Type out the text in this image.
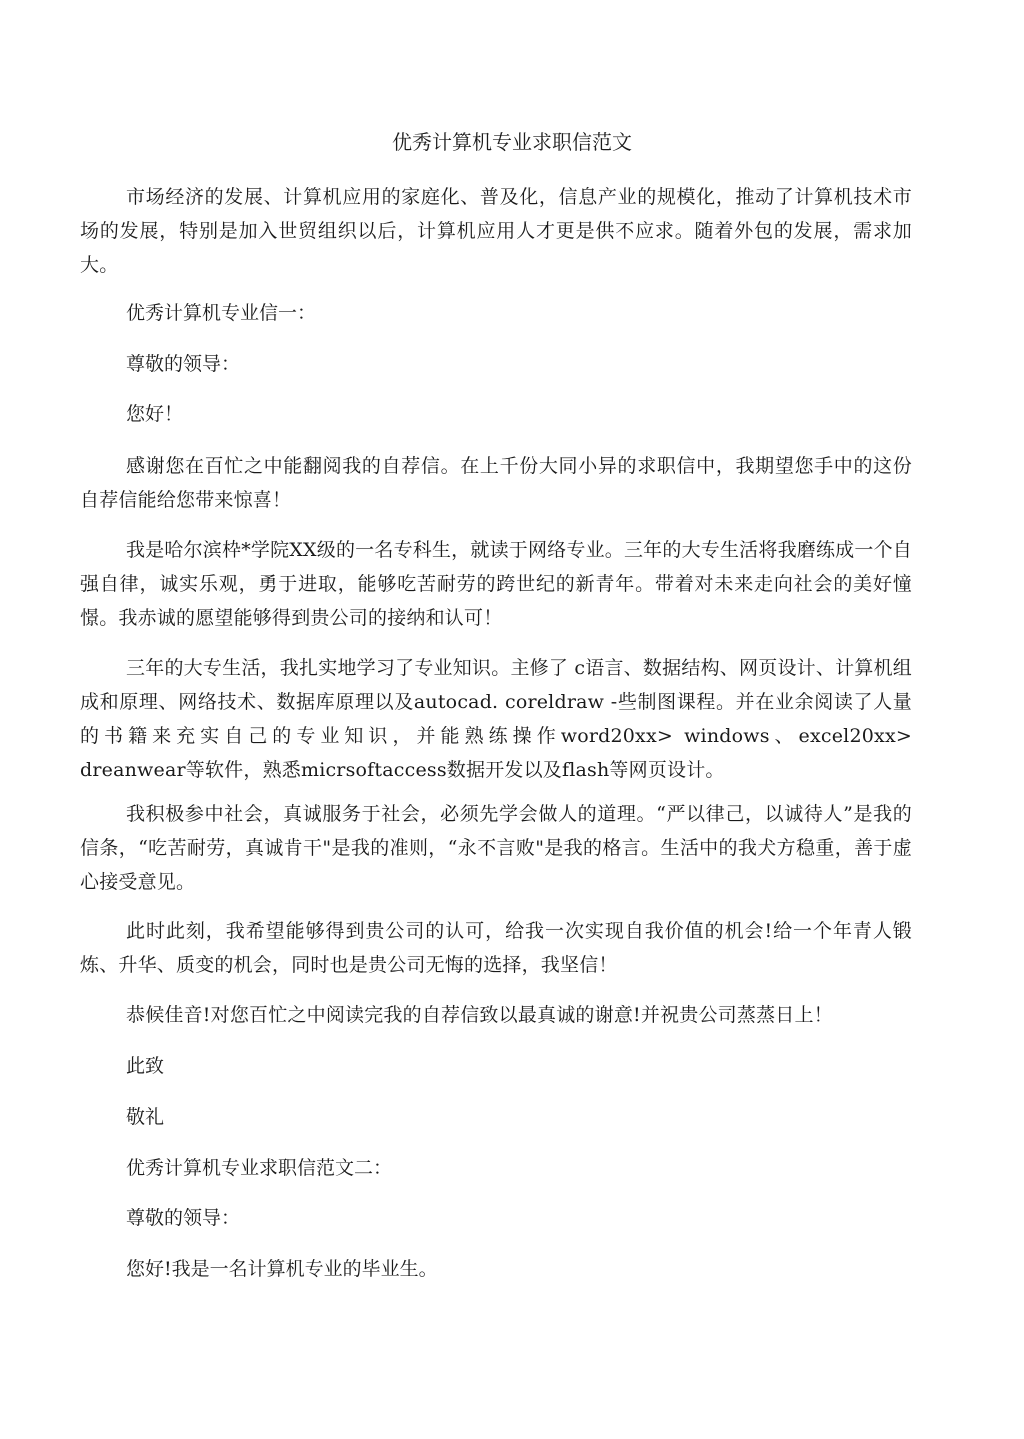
优秀计算机专业求职信范文

市场经济的发展、计算机应用的家庭化、普及化，信息产业的规模化，推动了计算机技术市场的发展，特别是加入世贸组织以后，计算机应用人才更是供不应求。随着外包的发展，需求加大。

优秀计算机专业信一：

尊敬的领导：

您好！

感谢您在百忙之中能翻阅我的自荐信。在上千份大同小异的求职信中，我期望您手中的这份自荐信能给您带来惊喜！

我是哈尔滨枠*学院XX级的一名专科生，就读于网络专业。三年的大专生活将我磨练成一个自强自律，诚实乐观，勇于进取，能够吃苦耐劳的跨世纪的新青年。带着对未来走向社会的美好憧憬。我赤诚的愿望能够得到贵公司的接纳和认可！

三年的大专生活，我扎实地学习了专业知识。主修了 c语言、数据结构、网页设计、计算机组成和原理、网络技术、数据库原理以及autocad. coreldraw -些制图课程。并在业余阅读了人量的书籍来充实自己的专业知识，并能熟练操作word20xx> windows、excel20xx> dreanwear等软件，熟悉micrsoftaccess数据开发以及flash等网页设计。

我积极参中社会，真诚服务于社会，必须先学会做人的道理。“严以律己，以诚待人”是我的信条，“吃苦耐劳，真诚肯干"是我的准则，“永不言败"是我的格言。生活中的我犬方稳重，善于虚心接受意见。

此时此刻，我希望能够得到贵公司的认可，给我一次实现自我价值的机会!给一个年青人锻炼、升华、质变的机会，同时也是贵公司无悔的选择，我坚信！

恭候佳音!对您百忙之中阅读完我的自荐信致以最真诚的谢意!并祝贵公司蒸蒸日上！

此致

敬礼

优秀计算机专业求职信范文二：

尊敬的领导：

您好!我是一名计算机专业的毕业生。
